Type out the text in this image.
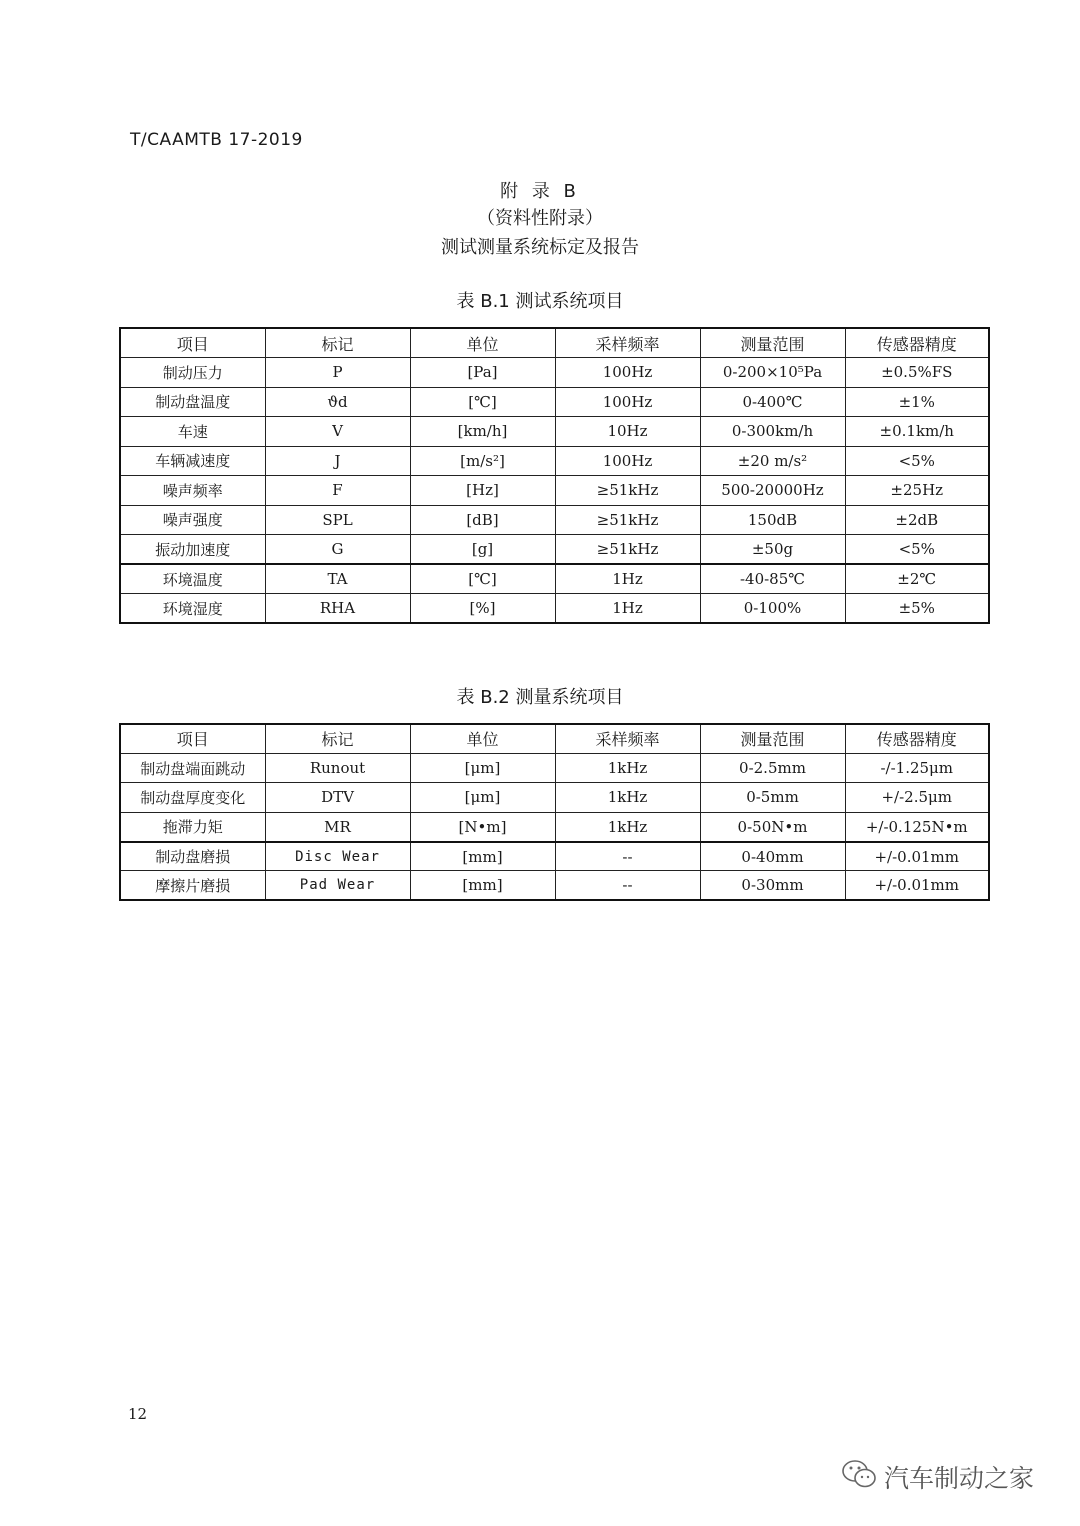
T/CAAMTB 17-2019
附 录 B
（资料性附录）
测试测量系统标定及报告
表 B.1 测试系统项目
项目	标记	单位	采样频率	测量范围	传感器精度
制动压力	P	[Pa]	100Hz	0-200×10⁵Pa	±0.5%FS
制动盘温度	ϑd	[℃]	100Hz	0-400℃	±1%
车速	V	[km/h]	10Hz	0-300km/h	±0.1km/h
车辆减速度	J	[m/s²]	100Hz	±20 m/s²	<5%
噪声频率	F	[Hz]	≥51kHz	500-20000Hz	±25Hz
噪声强度	SPL	[dB]	≥51kHz	150dB	±2dB
振动加速度	G	[g]	≥51kHz	±50g	<5%
环境温度	TA	[℃]	1Hz	-40-85℃	±2℃
环境湿度	RHA	[%]	1Hz	0-100%	±5%
表 B.2 测量系统项目
项目	标记	单位	采样频率	测量范围	传感器精度
制动盘端面跳动	Runout	[μm]	1kHz	0-2.5mm	-/-1.25μm
制动盘厚度变化	DTV	[μm]	1kHz	0-5mm	+/-2.5μm
拖滞力矩	MR	[N•m]	1kHz	0-50N•m	+/-0.125N•m
制动盘磨损	Disc Wear	[mm]	--	0-40mm	+/-0.01mm
摩擦片磨损	Pad Wear	[mm]	--	0-30mm	+/-0.01mm
12
汽车制动之家
